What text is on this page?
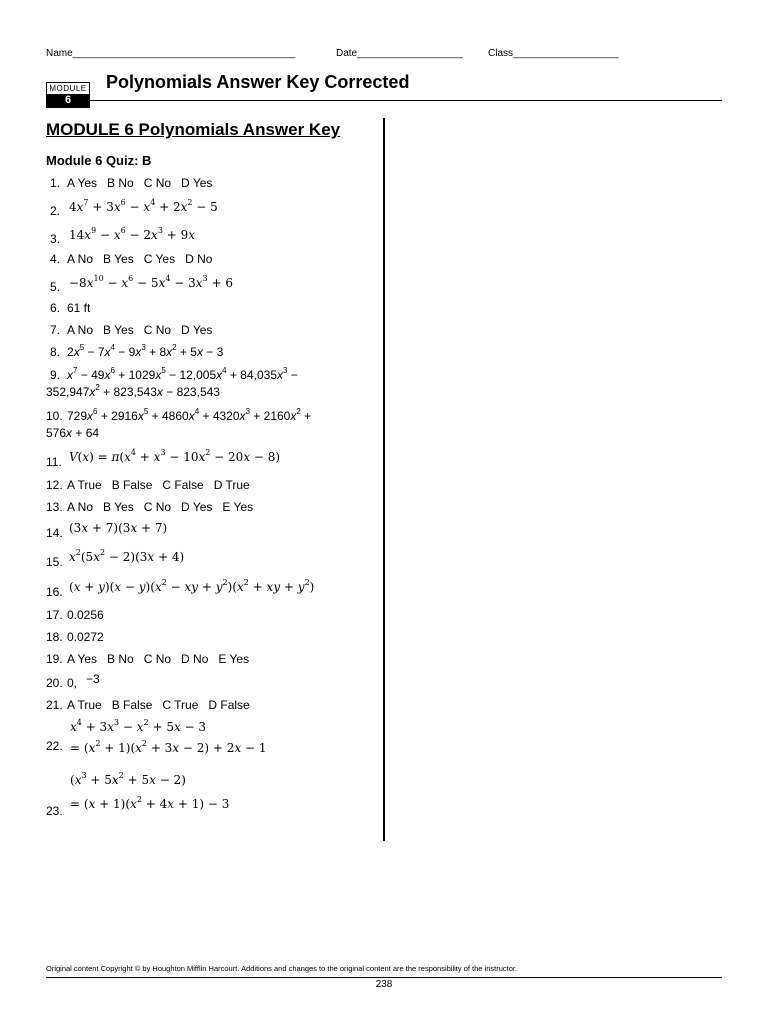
Name________________________________________	Date___________________	Class___________________
MODULE
6
Polynomials Answer Key Corrected
MODULE 6 Polynomials Answer Key
Module 6 Quiz: B
1. A Yes   B No   C No   D Yes
2. $4x^7 + 3x^6 - x^4 + 2x^2 - 5$
3. $14x^9 - x^6 - 2x^3 + 9x$
4. A No   B Yes   C Yes   D No
5. $-8x^{10} - x^6 - 5x^4 - 3x^3 + 6$
6. 61 ft
7. A No   B Yes   C No   D Yes
8. $2x^5 - 7x^4 - 9x^3 + 8x^2 + 5x - 3$
9. $x^7 - 49x^6 + 1029x^5 - 12,005x^4 + 84,035x^3$ −
$352,947x^2 + 823,543x - 823,543$
10. $729x^6 + 2916x^5 + 4860x^4 + 4320x^3 + 2160x^2$ +
576x + 64
11. $V(x) = \pi(x^4 + x^3 - 10x^2 - 20x - 8)$
12. A True   B False   C False   D True
13. A No   B Yes   C No   D Yes   E Yes
14. (3x + 7)(3x + 7)
15. $x^2(5x^2 - 2)(3x + 4)$
16. $(x + y)(x - y)(x^2$ − xy + $y^2)(x^2$ + xy + $y^2$)
17. 0.0256
18. 0.0272
19. A Yes   B No   C No   D No   E Yes
20. 0, −3
21. A True   B False   C True   D False
22.
$x^4 + 3x^3 - x^2 + 5x - 3$
= $(x^2 + 1)(x^2 + 3x - 2) + 2x - 1$
23.
$(x^3 + 5x^2 + 5x - 2)$
= $(x + 1)(x^2 + 4x + 1) - 3$
Original content Copyright © by Houghton Mifflin Harcourt. Additions and changes to the original content are the responsibility of the instructor.
238
